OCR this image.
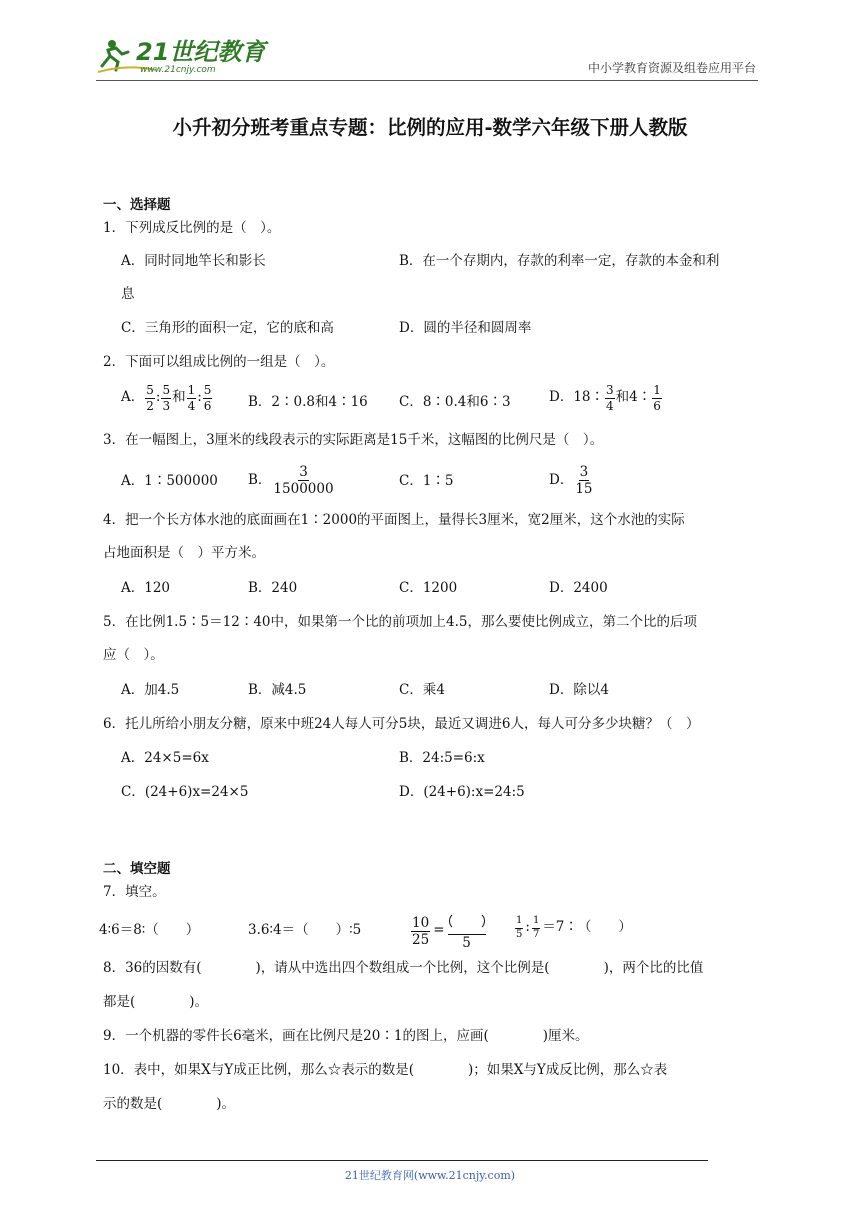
21世纪教育
www.21cnjy.com	中小学教育资源及组卷应用平台
小升初分班考重点专题：比例的应用-数学六年级下册人教版
一、选择题
1．下列成反比例的是（　）。
A．同时同地竿长和影长	B．在一个存期内，存款的利率一定，存款的本金和利
息
C．三角形的面积一定，它的底和高	D．圆的半径和圆周率
2．下面可以组成比例的一组是（　）。
A． $\frac{5}{2}$ : $\frac{5}{3}$ 和 $\frac{1}{4}$ : $\frac{5}{6}$	B．2∶0.8和4∶16 C．8∶0.4和6∶3	D．18∶ $\frac{3}{4}$ 和4∶ $\frac{1}{6}$
3．在一幅图上，3厘米的线段表示的实际距离是15千米，这幅图的比例尺是（　）。
A．1∶500000 B． $\frac{3}{1500000}$	C．1∶5	D． $\frac{3}{15}$
4．把一个长方体水池的底面画在1∶2000的平面图上，量得长3厘米，宽2厘米，这个水池的实际
占地面积是（　）平方米。
A．120	B．240	C．1200	D．2400
5．在比例1.5∶5＝12∶40中，如果第一个比的前项加上4.5，那么要使比例成立，第二个比的后项
应（　）。
A．加4.5	B．减4.5	C．乘4	D．除以4
6．托儿所给小朋友分糖，原来中班24人每人可分5块，最近又调进6人，每人可分多少块糖？（　）
A．24×5=6x	B．24:5=6:x
C．(24+6)x=24×5	D．(24+6):x=24:5
二、填空题
7．填空。
4∶6＝8∶（　　）	3.6∶4＝（　　）∶5	$\frac{10}{25}$ =
5
$\frac{1}{5}$ : $\frac{1}{7}$ ＝7∶（　　）
8．36的因数有(　　　　)，请从中选出四个数组成一个比例，这个比例是(　　　　)，两个比的比值
都是(　　　　)。
9．一个机器的零件长6毫米，画在比例尺是20∶1的图上，应画(　　　　)厘米。
10．表中，如果X与Y成正比例，那么☆表示的数是(　　　　)；如果X与Y成反比例，那么☆表
示的数是(　　　　)。
21世纪教育网(www.21cnjy.com)
